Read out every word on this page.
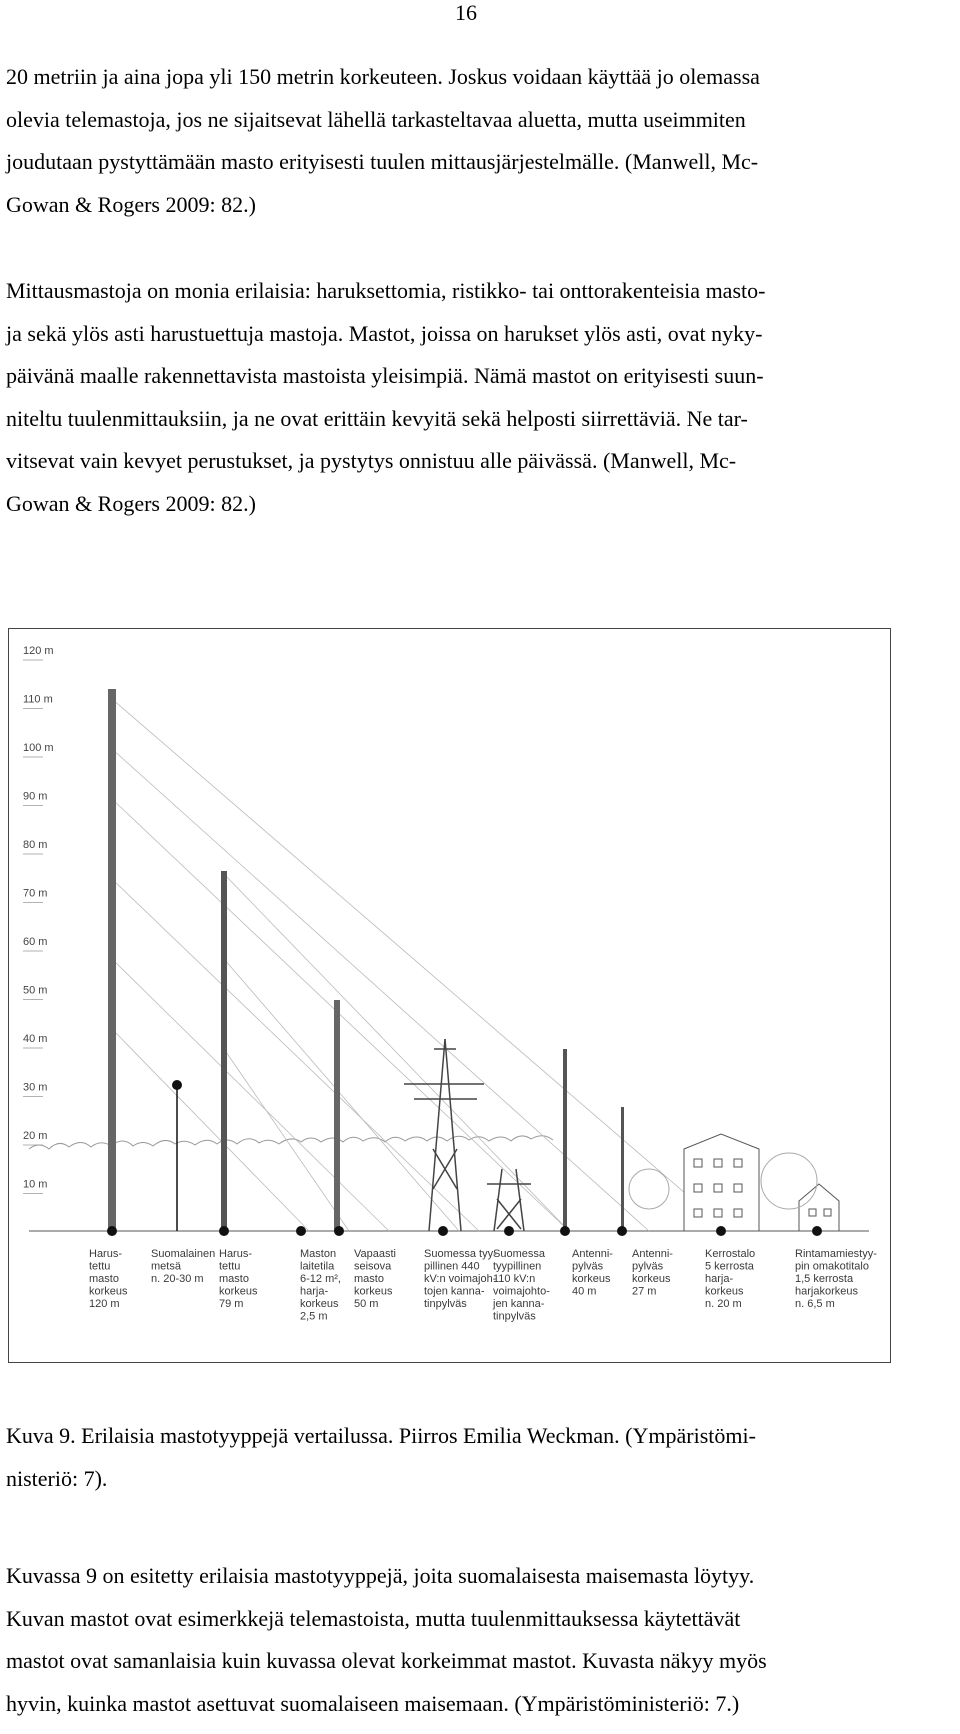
16

20 metriin ja aina jopa yli 150 metrin korkeuteen. Joskus voidaan käyttää jo olemassa
olevia telemastoja, jos ne sijaitsevat lähellä tarkasteltavaa aluetta, mutta useimmiten
joudutaan pystyttämään masto erityisesti tuulen mittausjärjestelmälle. (Manwell, Mc-
Gowan & Rogers 2009: 82.)

Mittausmastoja on monia erilaisia: haruksettomia, ristikko- tai onttorakenteisia masto-
ja sekä ylös asti harustuettuja mastoja. Mastot, joissa on harukset ylös asti, ovat nyky-
päivänä maalle rakennettavista mastoista yleisimpiä. Nämä mastot on erityisesti suun-
niteltu tuulenmittauksiin, ja ne ovat erittäin kevyitä sekä helposti siirrettäviä. Ne tar-
vitsevat vain kevyet perustukset, ja pystytys onnistuu alle päivässä. (Manwell, Mc-
Gowan & Rogers 2009: 82.)

120 m
110 m
100 m
90 m
80 m
70 m
60 m
50 m
40 m
30 m
20 m
10 m
Harus-
tettu
masto
korkeus
120 m
Suomalainen
metsä
n. 20-30 m
Harus-
tettu
masto
korkeus
79 m
Maston
laitetila
6-12 m²,
harja-
korkeus
2,5 m
Vapaasti
seisova
masto
korkeus
50 m
Suomessa tyy-
pillinen 440
kV:n voimajoh-
tojen kanna-
tinpylväs
Suomessa
tyypillinen
110 kV:n
voimajohto-
jen kanna-
tinpylväs
Antenni-
pylväs
korkeus
40 m
Antenni-
pylväs
korkeus
27 m
Kerrostalo
5 kerrosta
harja-
korkeus
n. 20 m
Rintamamiestyy-
pin omakotitalo
1,5 kerrosta
harjakorkeus
n. 6,5 m

Kuva 9. Erilaisia mastotyyppejä vertailussa. Piirros Emilia Weckman. (Ympäristömi-
nisteriö: 7).

Kuvassa 9 on esitetty erilaisia mastotyyppejä, joita suomalaisesta maisemasta löytyy.
Kuvan mastot ovat esimerkkejä telemastoista, mutta tuulenmittauksessa käytettävät
mastot ovat samanlaisia kuin kuvassa olevat korkeimmat mastot. Kuvasta näkyy myös
hyvin, kuinka mastot asettuvat suomalaiseen maisemaan. (Ympäristöministeriö: 7.)
